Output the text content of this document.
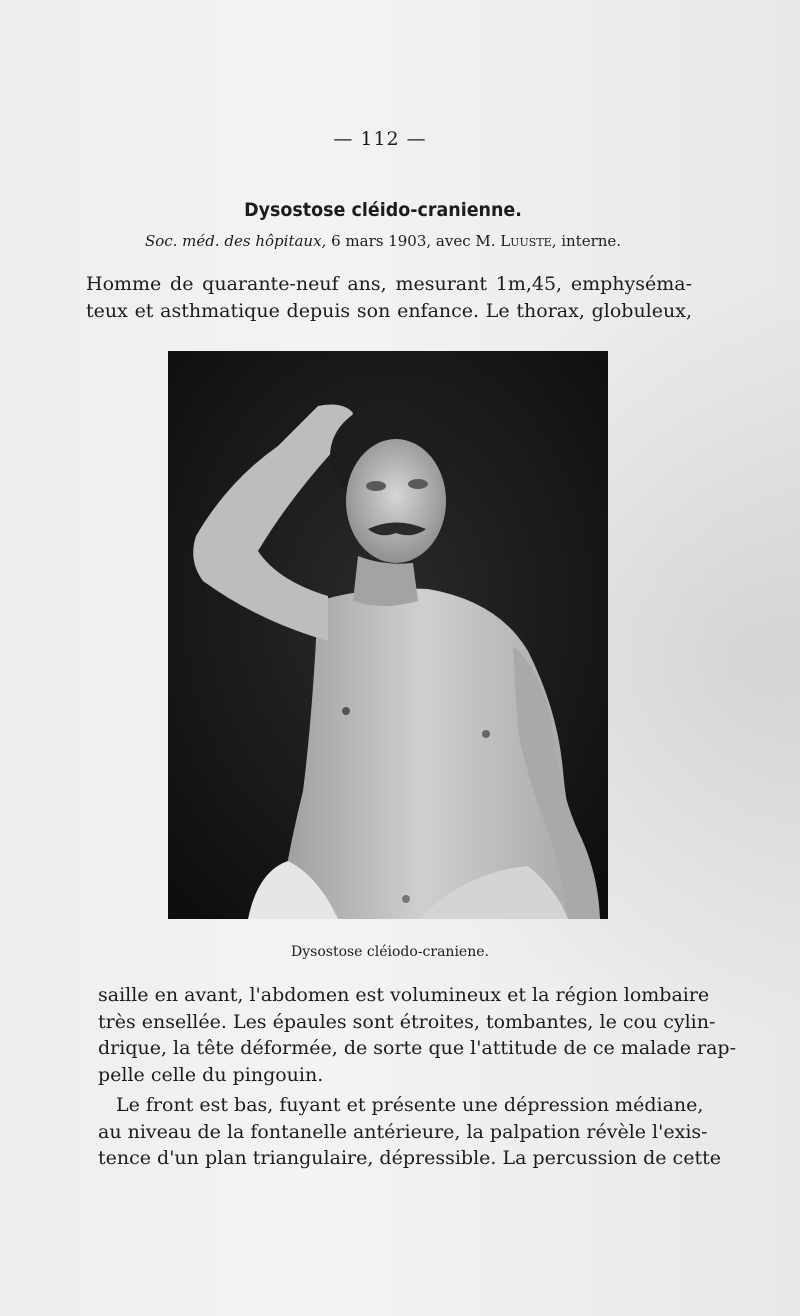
— 112 —
Dysostose cléido-cranienne.
Soc. méd. des hôpitaux, 6 mars 1903, avec M. Luuste, interne.
Homme de quarante-neuf ans, mesurant 1m,45, emphyséma-
teux et asthmatique depuis son enfance. Le thorax, globuleux,
Dysostose cléiodo-craniene.
saille en avant, l'abdomen est volumineux et la région lombaire
très ensellée. Les épaules sont étroites, tombantes, le cou cylin-
drique, la tête déformée, de sorte que l'attitude de ce malade rap-
pelle celle du pingouin.
Le front est bas, fuyant et présente une dépression médiane,
au niveau de la fontanelle antérieure, la palpation révèle l'exis-
tence d'un plan triangulaire, dépressible. La percussion de cette
